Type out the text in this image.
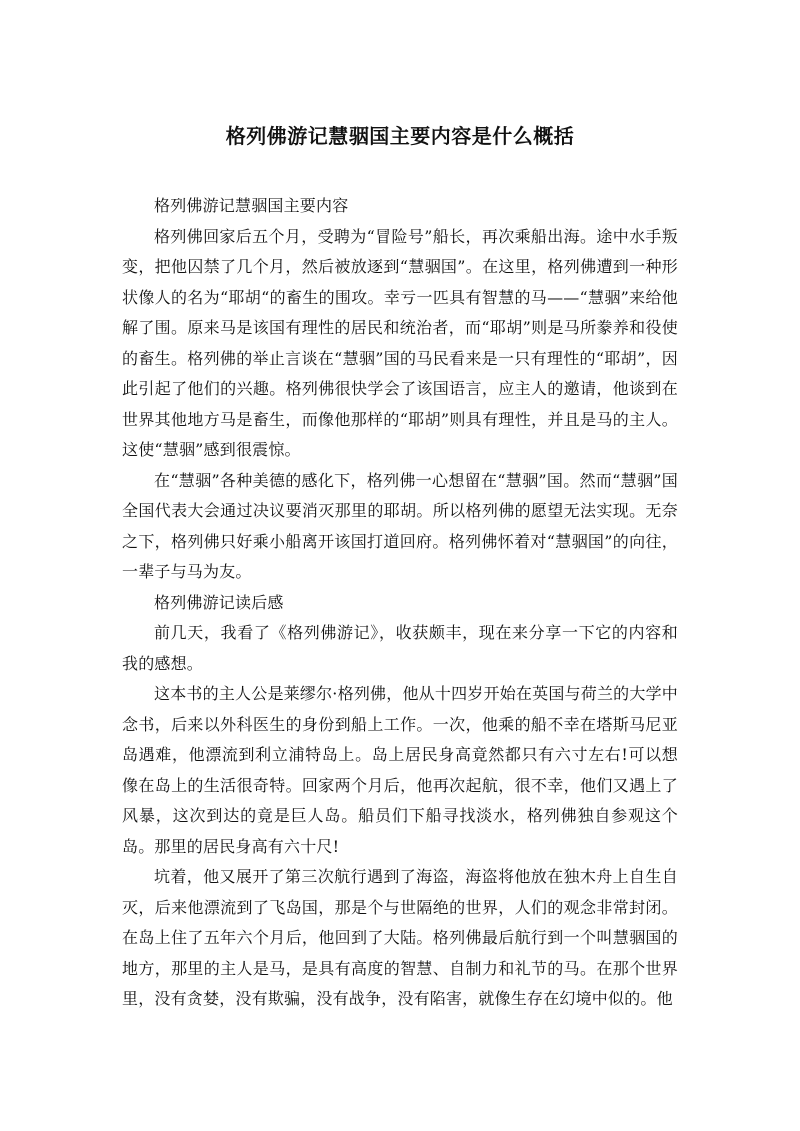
格列佛游记慧骃国主要内容是什么概括

格列佛游记慧骃国主要内容

格列佛回家后五个月，受聘为“冒险号”船长，再次乘船出海。途中水手叛变，把他囚禁了几个月，然后被放逐到“慧骃国”。在这里，格列佛遭到一种形状像人的名为“耶胡“的畜生的围攻。幸亏一匹具有智慧的马——“慧骃”来给他解了围。原来马是该国有理性的居民和统治者，而“耶胡”则是马所豢养和役使的畜生。格列佛的举止言谈在“慧骃”国的马民看来是一只有理性的“耶胡”，因此引起了他们的兴趣。格列佛很快学会了该国语言，应主人的邀请，他谈到在世界其他地方马是畜生，而像他那样的“耶胡”则具有理性，并且是马的主人。这使“慧骃”感到很震惊。

在“慧骃”各种美德的感化下，格列佛一心想留在“慧骃”国。然而“慧骃”国全国代表大会通过决议要消灭那里的耶胡。所以格列佛的愿望无法实现。无奈之下，格列佛只好乘小船离开该国打道回府。格列佛怀着对“慧骃国”的向往，一辈子与马为友。

格列佛游记读后感

前几天，我看了《格列佛游记》，收获颇丰，现在来分享一下它的内容和我的感想。

这本书的主人公是莱缪尔·格列佛，他从十四岁开始在英国与荷兰的大学中念书，后来以外科医生的身份到船上工作。一次，他乘的船不幸在塔斯马尼亚岛遇难，他漂流到利立浦特岛上。岛上居民身高竟然都只有六寸左右!可以想像在岛上的生活很奇特。回家两个月后，他再次起航，很不幸，他们又遇上了风暴，这次到达的竟是巨人岛。船员们下船寻找淡水，格列佛独自参观这个岛。那里的居民身高有六十尺!

坑着，他又展开了第三次航行遇到了海盗，海盗将他放在独木舟上自生自灭，后来他漂流到了飞岛国，那是个与世隔绝的世界，人们的观念非常封闭。在岛上住了五年六个月后，他回到了大陆。格列佛最后航行到一个叫慧骃国的地方，那里的主人是马，是具有高度的智慧、自制力和礼节的马。在那个世界里，没有贪婪，没有欺骗，没有战争，没有陷害，就像生存在幻境中似的。他
